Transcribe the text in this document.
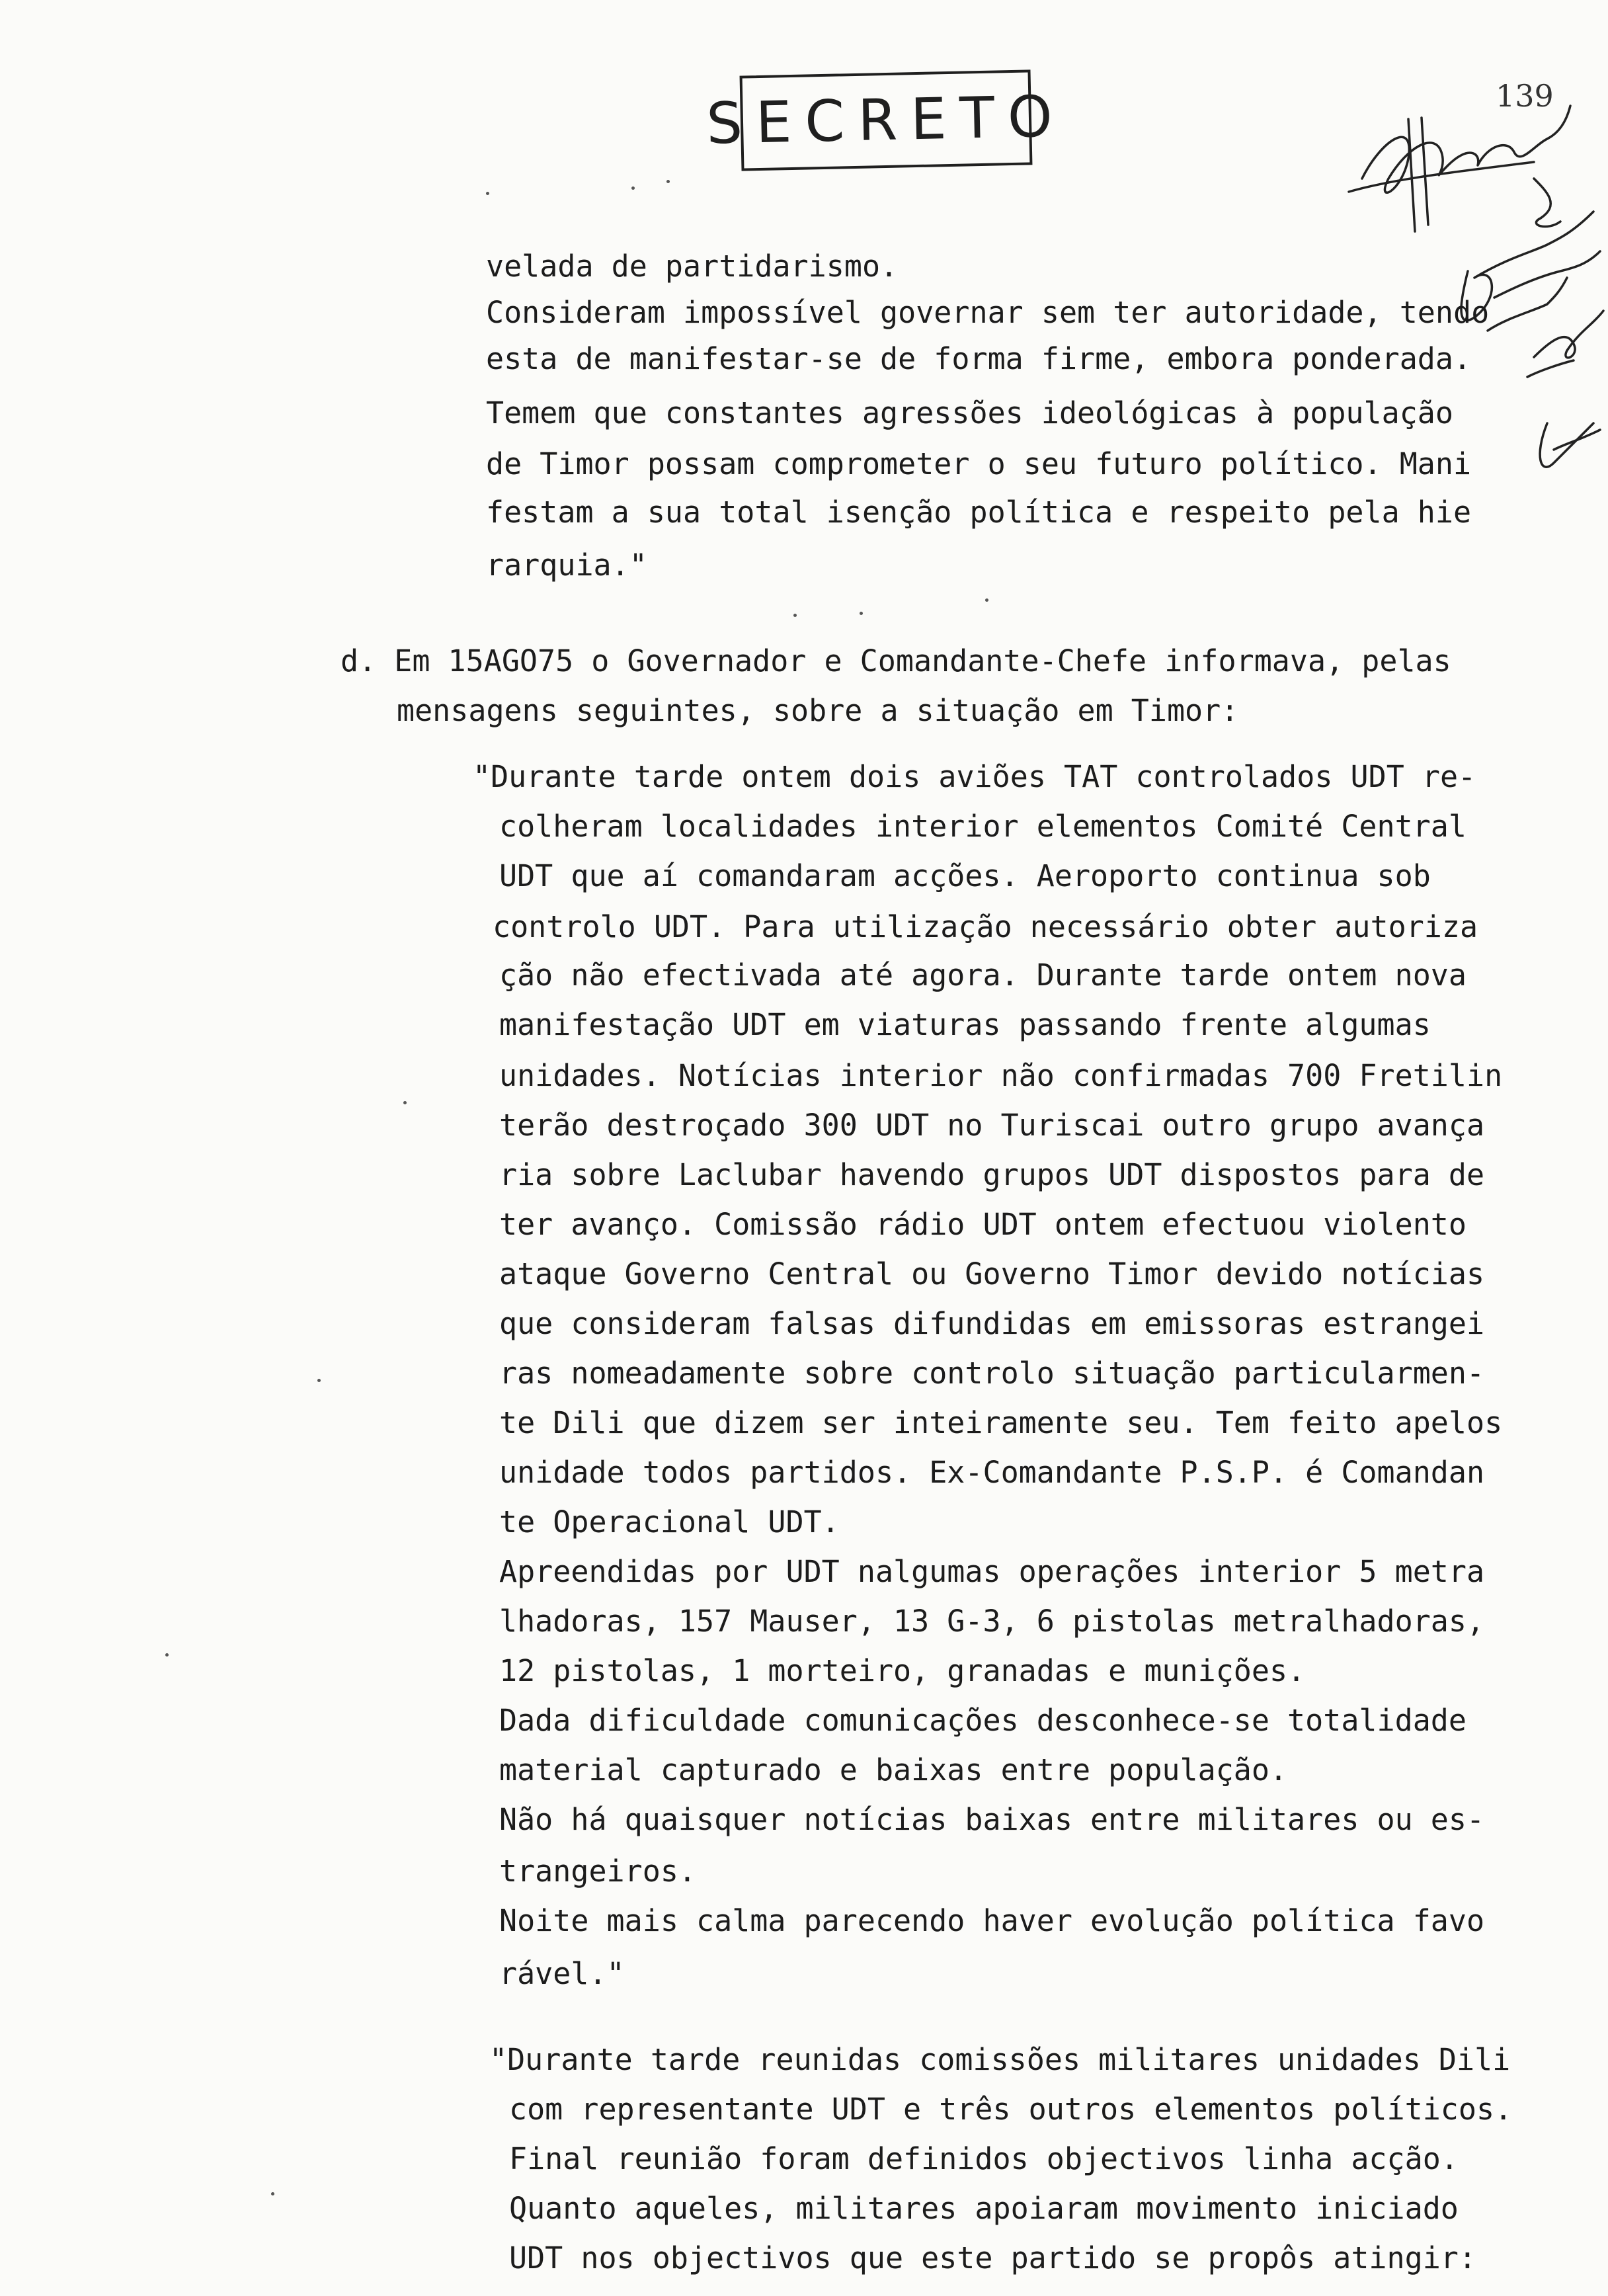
SECRETO	139
velada de partidarismo.
Consideram impossível governar sem ter autoridade, tendo
esta de manifestar-se de forma firme, embora ponderada.
Temem que constantes agressões ideológicas à população
de Timor possam comprometer o seu futuro político. Mani
festam a sua total isenção política e respeito pela hie
rarquia."
d. Em 15AGO75 o Governador e Comandante-Chefe informava, pelas
mensagens seguintes, sobre a situação em Timor:
"Durante tarde ontem dois aviões TAT controlados UDT re-
colheram localidades interior elementos Comité Central
UDT que aí comandaram acções. Aeroporto continua sob
controlo UDT. Para utilização necessário obter autoriza
ção não efectivada até agora. Durante tarde ontem nova
manifestação UDT em viaturas passando frente algumas
unidades. Notícias interior não confirmadas 700 Fretilin
terão destroçado 300 UDT no Turiscai outro grupo avança
ria sobre Laclubar havendo grupos UDT dispostos para de
ter avanço. Comissão rádio UDT ontem efectuou violento
ataque Governo Central ou Governo Timor devido notícias
que consideram falsas difundidas em emissoras estrangei
ras nomeadamente sobre controlo situação particularmen-
te Dili que dizem ser inteiramente seu. Tem feito apelos
unidade todos partidos. Ex-Comandante P.S.P. é Comandan
te Operacional UDT.
Apreendidas por UDT nalgumas operações interior 5 metra
lhadoras, 157 Mauser, 13 G-3, 6 pistolas metralhadoras,
12 pistolas, 1 morteiro, granadas e munições.
Dada dificuldade comunicações desconhece-se totalidade
material capturado e baixas entre população.
Não há quaisquer notícias baixas entre militares ou es-
trangeiros.
Noite mais calma parecendo haver evolução política favo
rável."
"Durante tarde reunidas comissões militares unidades Dili
com representante UDT e três outros elementos políticos.
Final reunião foram definidos objectivos linha acção.
Quanto aqueles, militares apoiaram movimento iniciado
UDT nos objectivos que este partido se propôs atingir:
